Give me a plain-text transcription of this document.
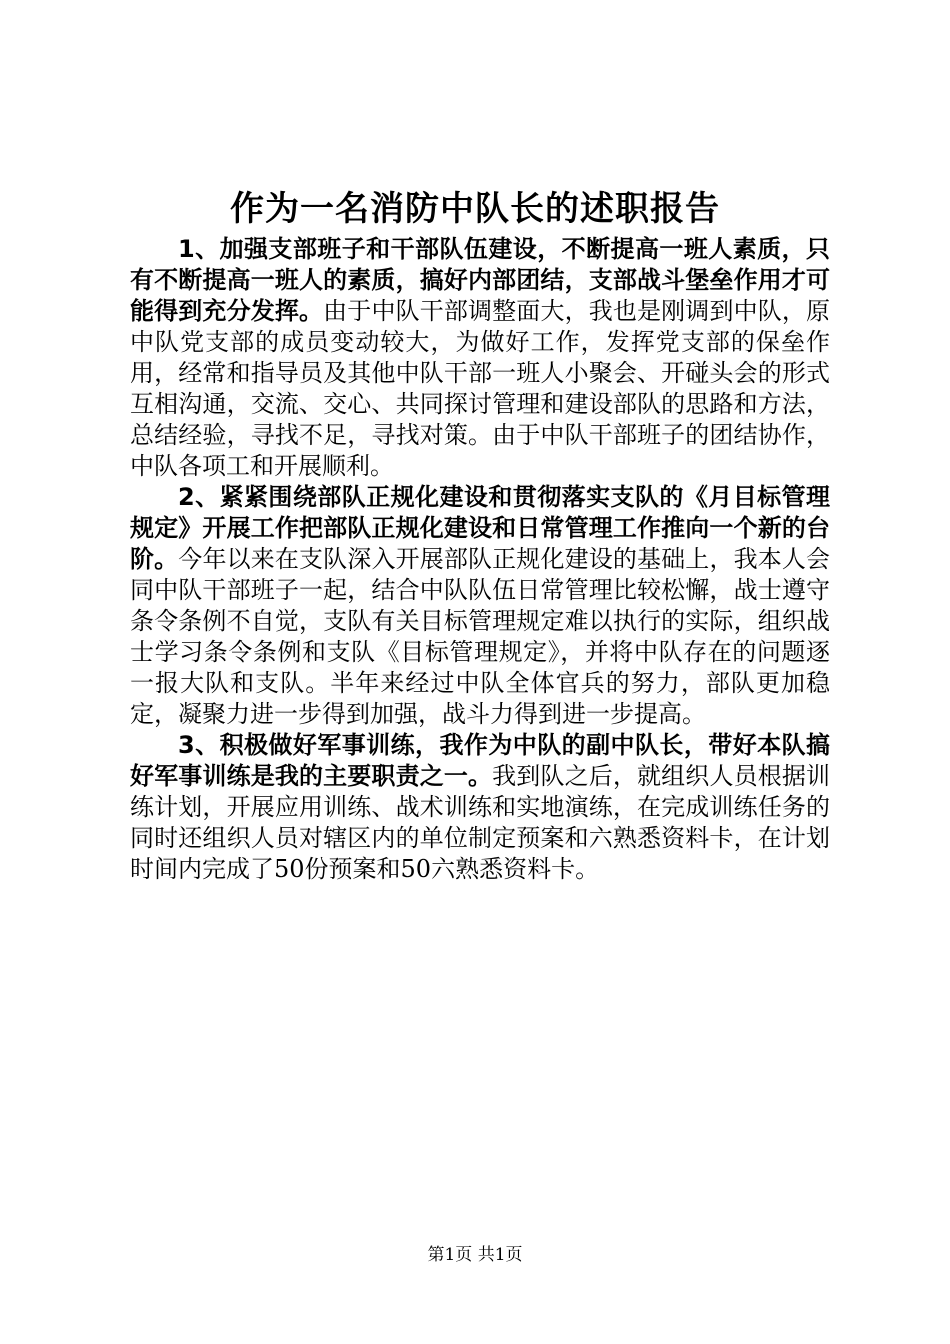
作为一名消防中队长的述职报告

1、加强支部班子和干部队伍建设，不断提高一班人素质，只有不断提高一班人的素质，搞好内部团结，支部战斗堡垒作用才可能得到充分发挥。由于中队干部调整面大，我也是刚调到中队，原中队党支部的成员变动较大，为做好工作，发挥党支部的保垒作用，经常和指导员及其他中队干部一班人小聚会、开碰头会的形式互相沟通，交流、交心、共同探讨管理和建设部队的思路和方法，总结经验，寻找不足，寻找对策。由于中队干部班子的团结协作，中队各项工和开展顺利。

2、紧紧围绕部队正规化建设和贯彻落实支队的《月目标管理规定》开展工作把部队正规化建设和日常管理工作推向一个新的台阶。今年以来在支队深入开展部队正规化建设的基础上，我本人会同中队干部班子一起，结合中队队伍日常管理比较松懈，战士遵守条令条例不自觉，支队有关目标管理规定难以执行的实际，组织战士学习条令条例和支队《目标管理规定》，并将中队存在的问题逐一报大队和支队。半年来经过中队全体官兵的努力，部队更加稳定，凝聚力进一步得到加强，战斗力得到进一步提高。

3、积极做好军事训练，我作为中队的副中队长，带好本队搞好军事训练是我的主要职责之一。我到队之后，就组织人员根据训练计划，开展应用训练、战术训练和实地演练，在完成训练任务的同时还组织人员对辖区内的单位制定预案和六熟悉资料卡，在计划时间内完成了50份预案和50六熟悉资料卡。

第1页 共1页
